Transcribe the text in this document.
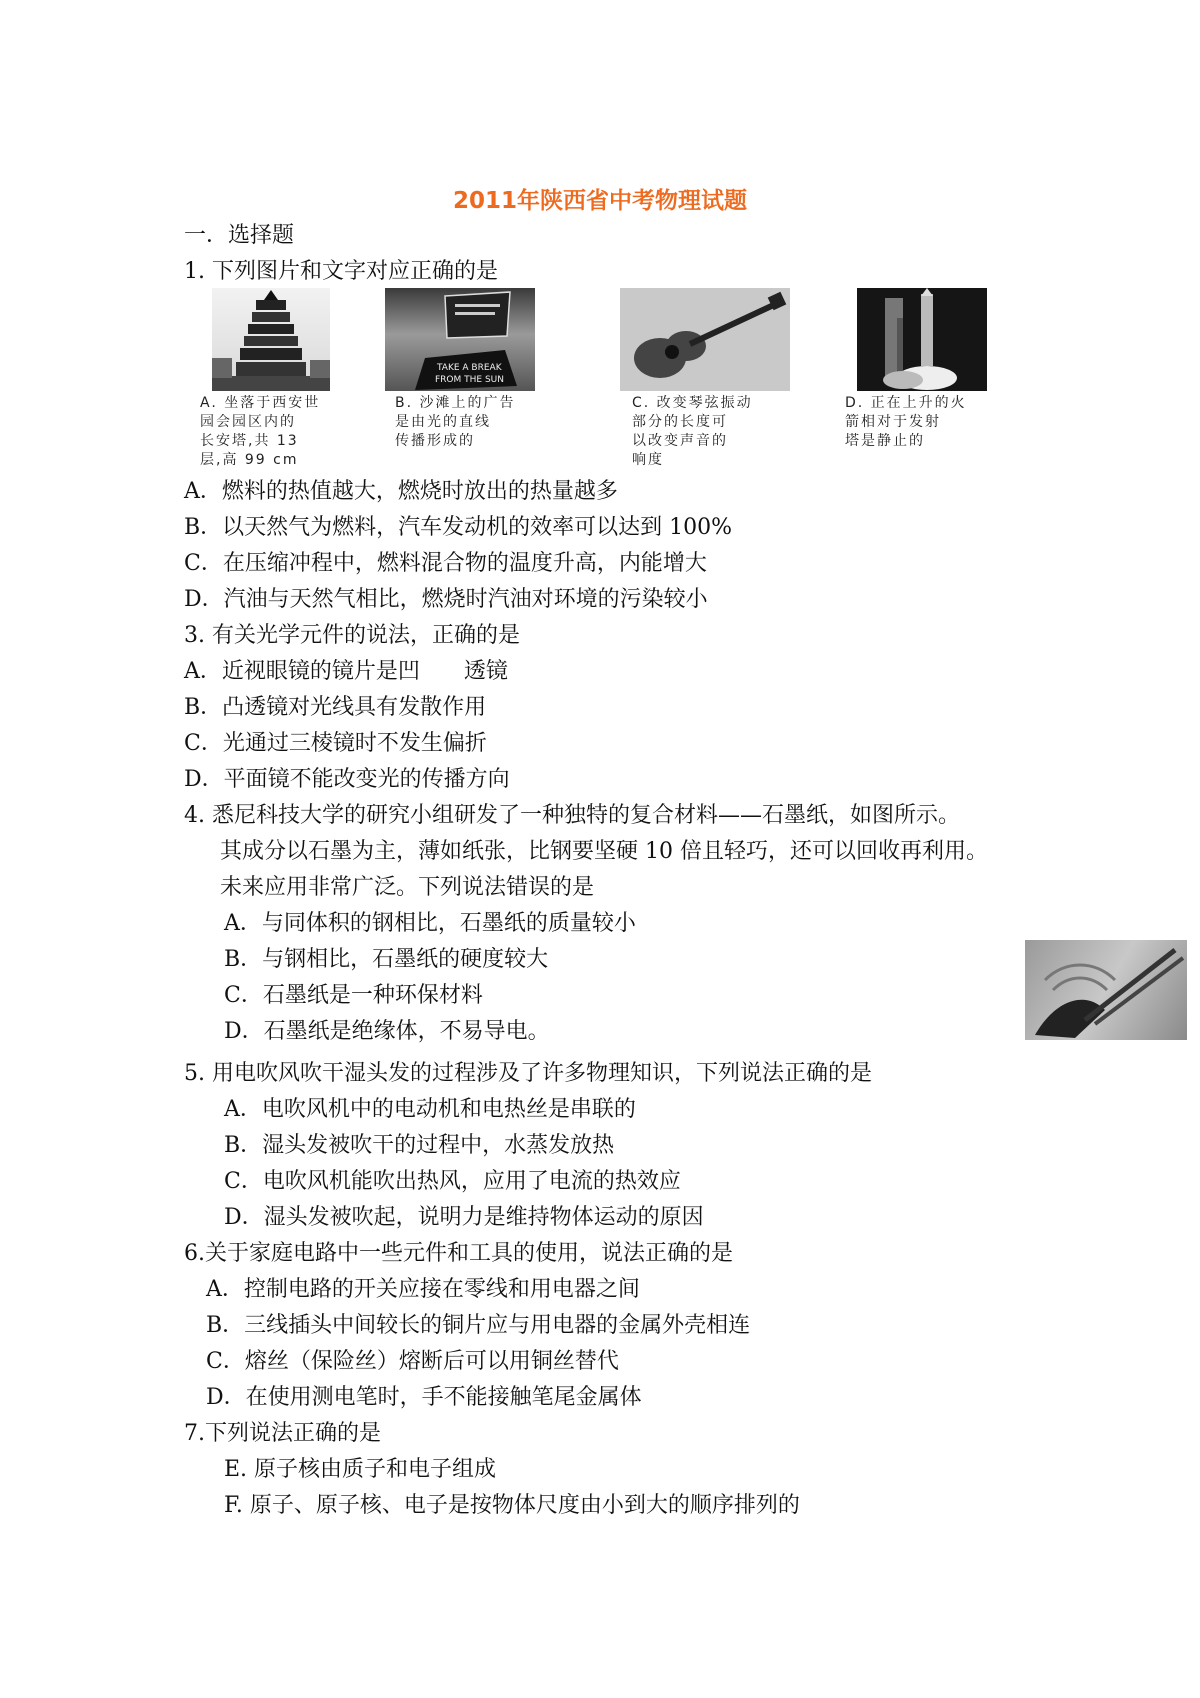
2011年陕西省中考物理试题
一．选择题
1. 下列图片和文字对应正确的是
A. 坐落于西安世
园会园区内的
长安塔,共 13
层,高 99 cm
TAKE A BREAK
FROM THE SUN
B. 沙滩上的广告
是由光的直线
传播形成的
C. 改变琴弦振动
部分的长度可
以改变声音的
响度
D. 正在上升的火
箭相对于发射
塔是静止的
A．燃料的热值越大，燃烧时放出的热量越多
B．以天然气为燃料，汽车发动机的效率可以达到 100%
C．在压缩冲程中，燃料混合物的温度升高，内能增大
D．汽油与天然气相比，燃烧时汽油对环境的污染较小
3. 有关光学元件的说法，正确的是
A．近视眼镜的镜片是凹　　透镜
B．凸透镜对光线具有发散作用
C．光通过三棱镜时不发生偏折
D．平面镜不能改变光的传播方向
4. 悉尼科技大学的研究小组研发了一种独特的复合材料——石墨纸，如图所示。
其成分以石墨为主，薄如纸张，比钢要坚硬 10 倍且轻巧，还可以回收再利用。
未来应用非常广泛。下列说法错误的是
A．与同体积的钢相比，石墨纸的质量较小
B．与钢相比，石墨纸的硬度较大
C．石墨纸是一种环保材料
D．石墨纸是绝缘体，不易导电。
5. 用电吹风吹干湿头发的过程涉及了许多物理知识，下列说法正确的是
A．电吹风机中的电动机和电热丝是串联的
B．湿头发被吹干的过程中，水蒸发放热
C．电吹风机能吹出热风，应用了电流的热效应
D．湿头发被吹起，说明力是维持物体运动的原因
6.关于家庭电路中一些元件和工具的使用，说法正确的是
A．控制电路的开关应接在零线和用电器之间
B．三线插头中间较长的铜片应与用电器的金属外壳相连
C．熔丝（保险丝）熔断后可以用铜丝替代
D．在使用测电笔时，手不能接触笔尾金属体
7.下列说法正确的是
E. 原子核由质子和电子组成
F. 原子、原子核、电子是按物体尺度由小到大的顺序排列的
